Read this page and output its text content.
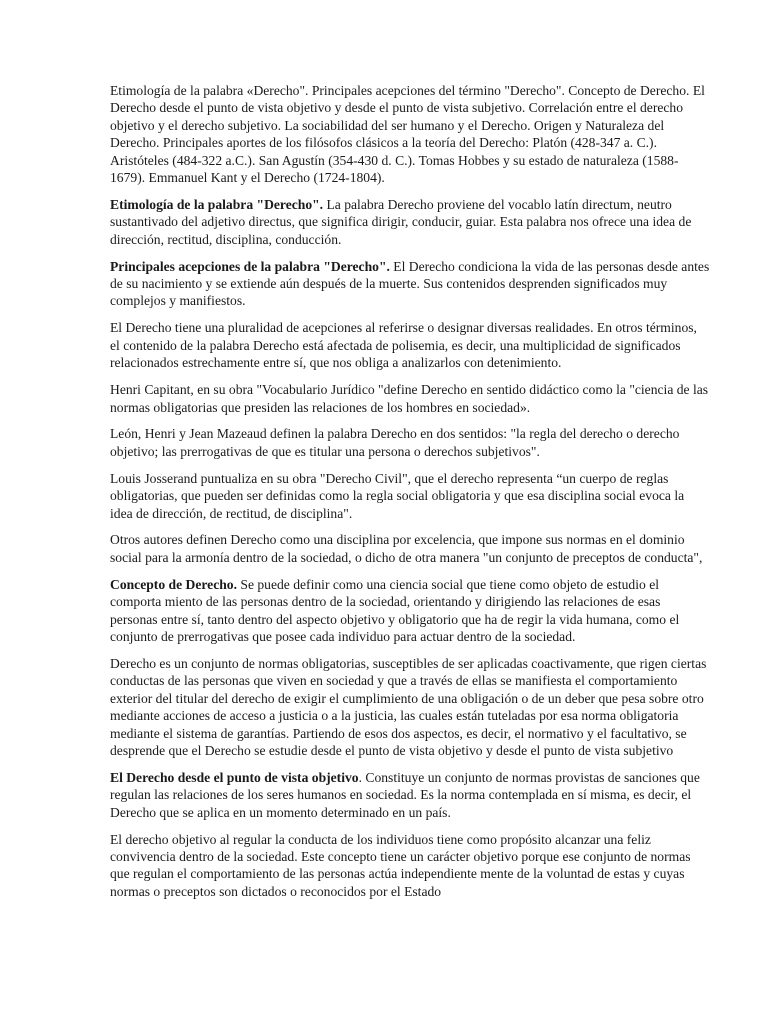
Etimología de la palabra «Derecho". Principales acepciones del término "Derecho". Concepto de Derecho. El Derecho desde el punto de vista objetivo y desde el punto de vista subjetivo. Correlación entre el derecho objetivo y el derecho subjetivo. La sociabilidad del ser humano y el Derecho. Origen y Naturaleza del Derecho. Principales aportes de los filósofos clásicos a la teoría del Derecho: Platón (428-347 a. C.). Aristóteles (484-322 a.C.). San Agustín (354-430 d. C.). Tomas Hobbes y su estado de naturaleza (1588-1679). Emmanuel Kant y el Derecho (1724-1804).

Etimología de la palabra "Derecho". La palabra Derecho proviene del vocablo latín directum, neutro sustantivado del adjetivo directus, que significa dirigir, conducir, guiar. Esta palabra nos ofrece una idea de dirección, rectitud, disciplina, conducción.

Principales acepciones de la palabra "Derecho". El Derecho condiciona la vida de las personas desde antes de su nacimiento y se extiende aún después de la muerte. Sus contenidos desprenden significados muy complejos y manifiestos.

El Derecho tiene una pluralidad de acepciones al referirse o designar diversas realidades. En otros términos, el contenido de la palabra Derecho está afectada de polisemia, es decir, una multiplicidad de significados relacionados estrechamente entre sí, que nos obliga a analizarlos con detenimiento.

Henri Capitant, en su obra "Vocabulario Jurídico "define Derecho en sentido didáctico como la "ciencia de las normas obligatorias que presiden las relaciones de los hombres en sociedad».

León, Henri y Jean Mazeaud definen la palabra Derecho en dos sentidos: "la regla del derecho o derecho objetivo; las prerrogativas de que es titular una persona o derechos subjetivos".

Louis Josserand puntualiza en su obra "Derecho Civil", que el derecho representa “un cuerpo de reglas obligatorias, que pueden ser definidas como la regla social obligatoria y que esa disciplina social evoca la idea de dirección, de rectitud, de disciplina".

Otros autores definen Derecho como una disciplina por excelencia, que impone sus normas en el dominio social para la armonía dentro de la sociedad, o dicho de otra manera "un conjunto de preceptos de conducta",

Concepto de Derecho. Se puede definir como una ciencia social que tiene como objeto de estudio el comporta miento de las personas dentro de la sociedad, orientando y dirigiendo las relaciones de esas personas entre sí, tanto dentro del aspecto objetivo y obligatorio que ha de regir la vida humana, como el conjunto de prerrogativas que posee cada individuo para actuar dentro de la sociedad.

Derecho es un conjunto de normas obligatorias, susceptibles de ser aplicadas coactivamente, que rigen ciertas conductas de las personas que viven en sociedad y que a través de ellas se manifiesta el comportamiento exterior del titular del derecho de exigir el cumplimiento de una obligación o de un deber que pesa sobre otro mediante acciones de acceso a justicia o a la justicia, las cuales están tuteladas por esa norma obligatoria mediante el sistema de garantías. Partiendo de esos dos aspectos, es decir, el normativo y el facultativo, se desprende que el Derecho se estudie desde el punto de vista objetivo y desde el punto de vista subjetivo

El Derecho desde el punto de vista objetivo. Constituye un conjunto de normas provistas de sanciones que regulan las relaciones de los seres humanos en sociedad. Es la norma contemplada en sí misma, es decir, el Derecho que se aplica en un momento determinado en un país.

El derecho objetivo al regular la conducta de los individuos tiene como propósito alcanzar una feliz convivencia dentro de la sociedad. Este concepto tiene un carácter objetivo porque ese conjunto de normas que regulan el comportamiento de las personas actúa independiente mente de la voluntad de estas y cuyas normas o preceptos son dictados o reconocidos por el Estado
